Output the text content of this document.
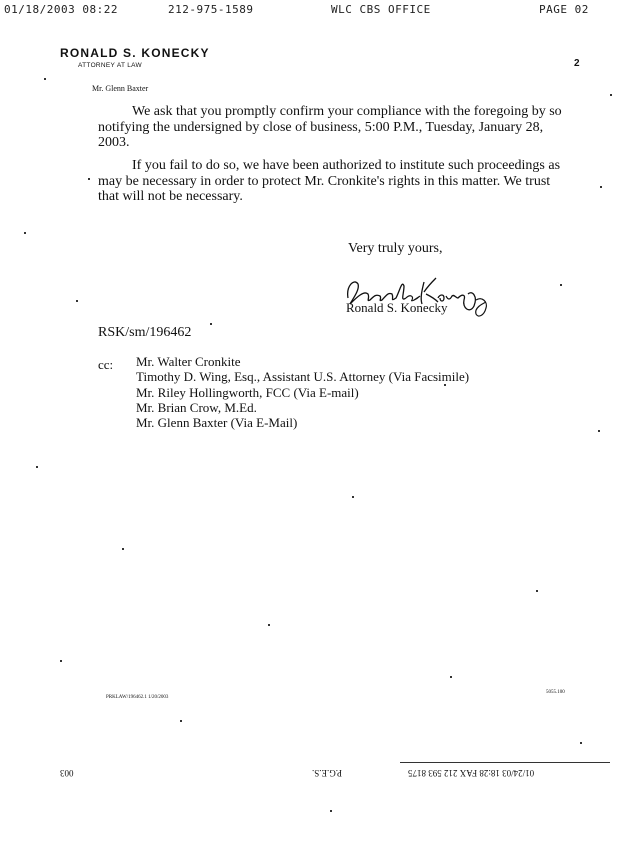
01/18/2003 08:22	212-975-1589	WLC CBS OFFICE	PAGE 02
RONALD S. KONECKY
ATTORNEY AT LAW	2
Mr. Glenn Baxter
We ask that you promptly confirm your compliance with the foregoing by so notifying the undersigned by close of business, 5:00 P.M., Tuesday, January 28, 2003.
If you fail to do so, we have been authorized to institute such proceedings as may be necessary in order to protect Mr. Cronkite's rights in this matter. We trust that will not be necessary.
Very truly yours,
Ronald S. Konecky
RSK/sm/196462
cc: Mr. Walter Cronkite
Timothy D. Wing, Esq., Assistant U.S. Attorney (Via Facsimile)
Mr. Riley Hollingworth, FCC (Via E-mail)
Mr. Brian Crow, M.Ed.
Mr. Glenn Baxter (Via E-Mail)
PRKLAW/196462.1 1/20/2003
5055.100
003	P.G.E.S.	01/24/03 18:28 FAX 212 593 8175
